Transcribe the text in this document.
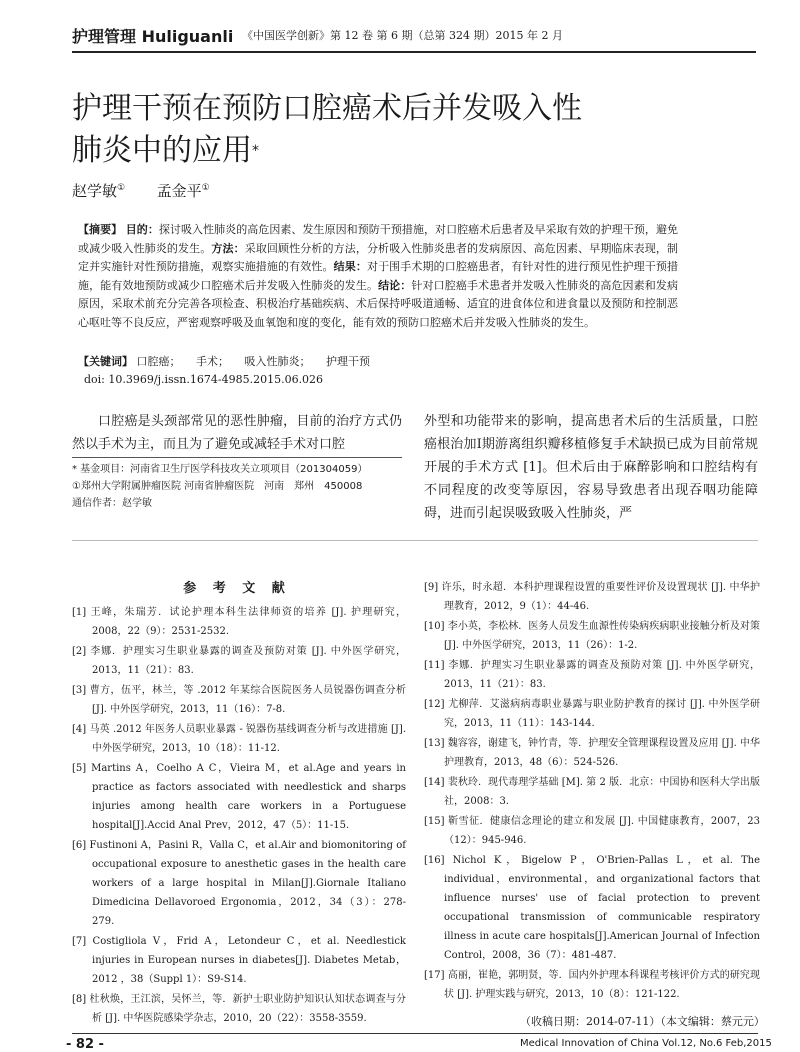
护理管理 Huliguanli 《中国医学创新》第 12 卷 第 6 期（总第 324 期）2015 年 2 月
护理干预在预防口腔癌术后并发吸入性
肺炎中的应用*
赵学敏① 孟金平①
【摘要】 目的：探讨吸入性肺炎的高危因素、发生原因和预防干预措施，对口腔癌术后患者及早采取有效的护理干预，避免或减少吸入性肺炎的发生。方法：采取回顾性分析的方法，分析吸入性肺炎患者的发病原因、高危因素、早期临床表现，制定并实施针对性预防措施，观察实施措施的有效性。结果：对于围手术期的口腔癌患者，有针对性的进行预见性护理干预措施，能有效地预防或减少口腔癌术后并发吸入性肺炎的发生。结论：针对口腔癌手术患者并发吸入性肺炎的高危因素和发病原因，采取术前充分完善各项检查、积极治疗基础疾病、术后保持呼吸道通畅、适宜的进食体位和进食量以及预防和控制恶心呕吐等不良反应，严密观察呼吸及血氧饱和度的变化，能有效的预防口腔癌术后并发吸入性肺炎的发生。
【关键词】 口腔癌； 手术； 吸入性肺炎； 护理干预
doi: 10.3969/j.issn.1674-4985.2015.06.026
口腔癌是头颈部常见的恶性肿瘤，目前的治疗方式仍然以手术为主，而且为了避免或减轻手术对口腔
外型和功能带来的影响，提高患者术后的生活质量，口腔癌根治加Ⅰ期游离组织瓣移植修复手术缺损已成为目前常规开展的手术方式 [1]。但术后由于麻醉影响和口腔结构有不同程度的改变等原因，容易导致患者出现吞咽功能障碍，进而引起误吸致吸入性肺炎，严
* 基金项目：河南省卫生厅医学科技攻关立项项目（201304059）
①郑州大学附属肿瘤医院 河南省肿瘤医院　河南　郑州　450008
通信作者：赵学敏
参 考 文 献
[1] 王峰，朱瑞芳．试论护理本科生法律师资的培养 [J]. 护理研究，2008，22（9）：2531-2532.
[2] 李娜．护理实习生职业暴露的调查及预防对策 [J]. 中外医学研究，2013，11（21）：83.
[3] 曹方，伍平，林兰，等 .2012 年某综合医院医务人员锐器伤调查分析 [J]. 中外医学研究，2013，11（16）：7-8.
[4] 马英 .2012 年医务人员职业暴露 - 锐器伤基线调查分析与改进措施 [J]. 中外医学研究，2013，10（18）：11-12.
[5] Martins A，Coelho A C，Vieira M，et al.Age and years in practice as factors associated with needlestick and sharps injuries among health care workers in a Portuguese hospital[J].Accid Anal Prev，2012，47（5）：11-15.
[6] Fustinoni A，Pasini R，Valla C，et al.Air and biomonitoring of occupational exposure to anesthetic gases in the health care workers of a large hospital in Milan[J].Giornale Italiano Dimedicina Dellavoroed Ergonomia，2012，34（3）：278-279.
[7] Costigliola V，Frid A，Letondeur C，et al. Needlestick injuries in European nurses in diabetes[J]. Diabetes Metab，2012 ，38（Suppl 1）：S9-S14.
[8] 杜秋焕，王江滨，吴怀兰，等．新护士职业防护知识认知状态调查与分析 [J]. 中华医院感染学杂志，2010，20（22）：3558-3559.
[9] 许乐，时永超．本科护理课程设置的重要性评价及设置现状 [J]. 中华护理教育，2012，9（1）：44-46.
[10] 李小英，李松林．医务人员发生血源性传染病疾病职业接触分析及对策 [J]. 中外医学研究，2013，11（26）：1-2.
[11] 李娜．护理实习生职业暴露的调查及预防对策 [J]. 中外医学研究，2013，11（21）：83.
[12] 尤柳萍．艾滋病病毒职业暴露与职业防护教育的探讨 [J]. 中外医学研究，2013，11（11）：143-144.
[13] 魏容容，谢建飞，钟竹青，等．护理安全管理课程设置及应用 [J]. 中华护理教育，2013，48（6）：524-526.
[14] 裴秋玲．现代毒理学基础 [M]. 第 2 版．北京：中国协和医科大学出版社，2008：3.
[15] 靳雪征．健康信念理论的建立和发展 [J]. 中国健康教育，2007，23（12）：945-946.
[16] Nichol K，Bigelow P，O'Brien-Pallas L，et al. The individual，environmental，and organizational factors that influence nurses' use of facial protection to prevent occupational transmission of communicable respiratory illness in acute care hospitals[J].American Journal of Infection Control，2008，36（7）：481-487.
[17] 高丽，崔艳，郭明贤，等．国内外护理本科课程考核评价方式的研究现状 [J]. 护理实践与研究，2013，10（8）：121-122.
（收稿日期：2014-07-11）（本文编辑：蔡元元）
- 82 -	Medical Innovation of China Vol.12, No.6 Feb,2015
